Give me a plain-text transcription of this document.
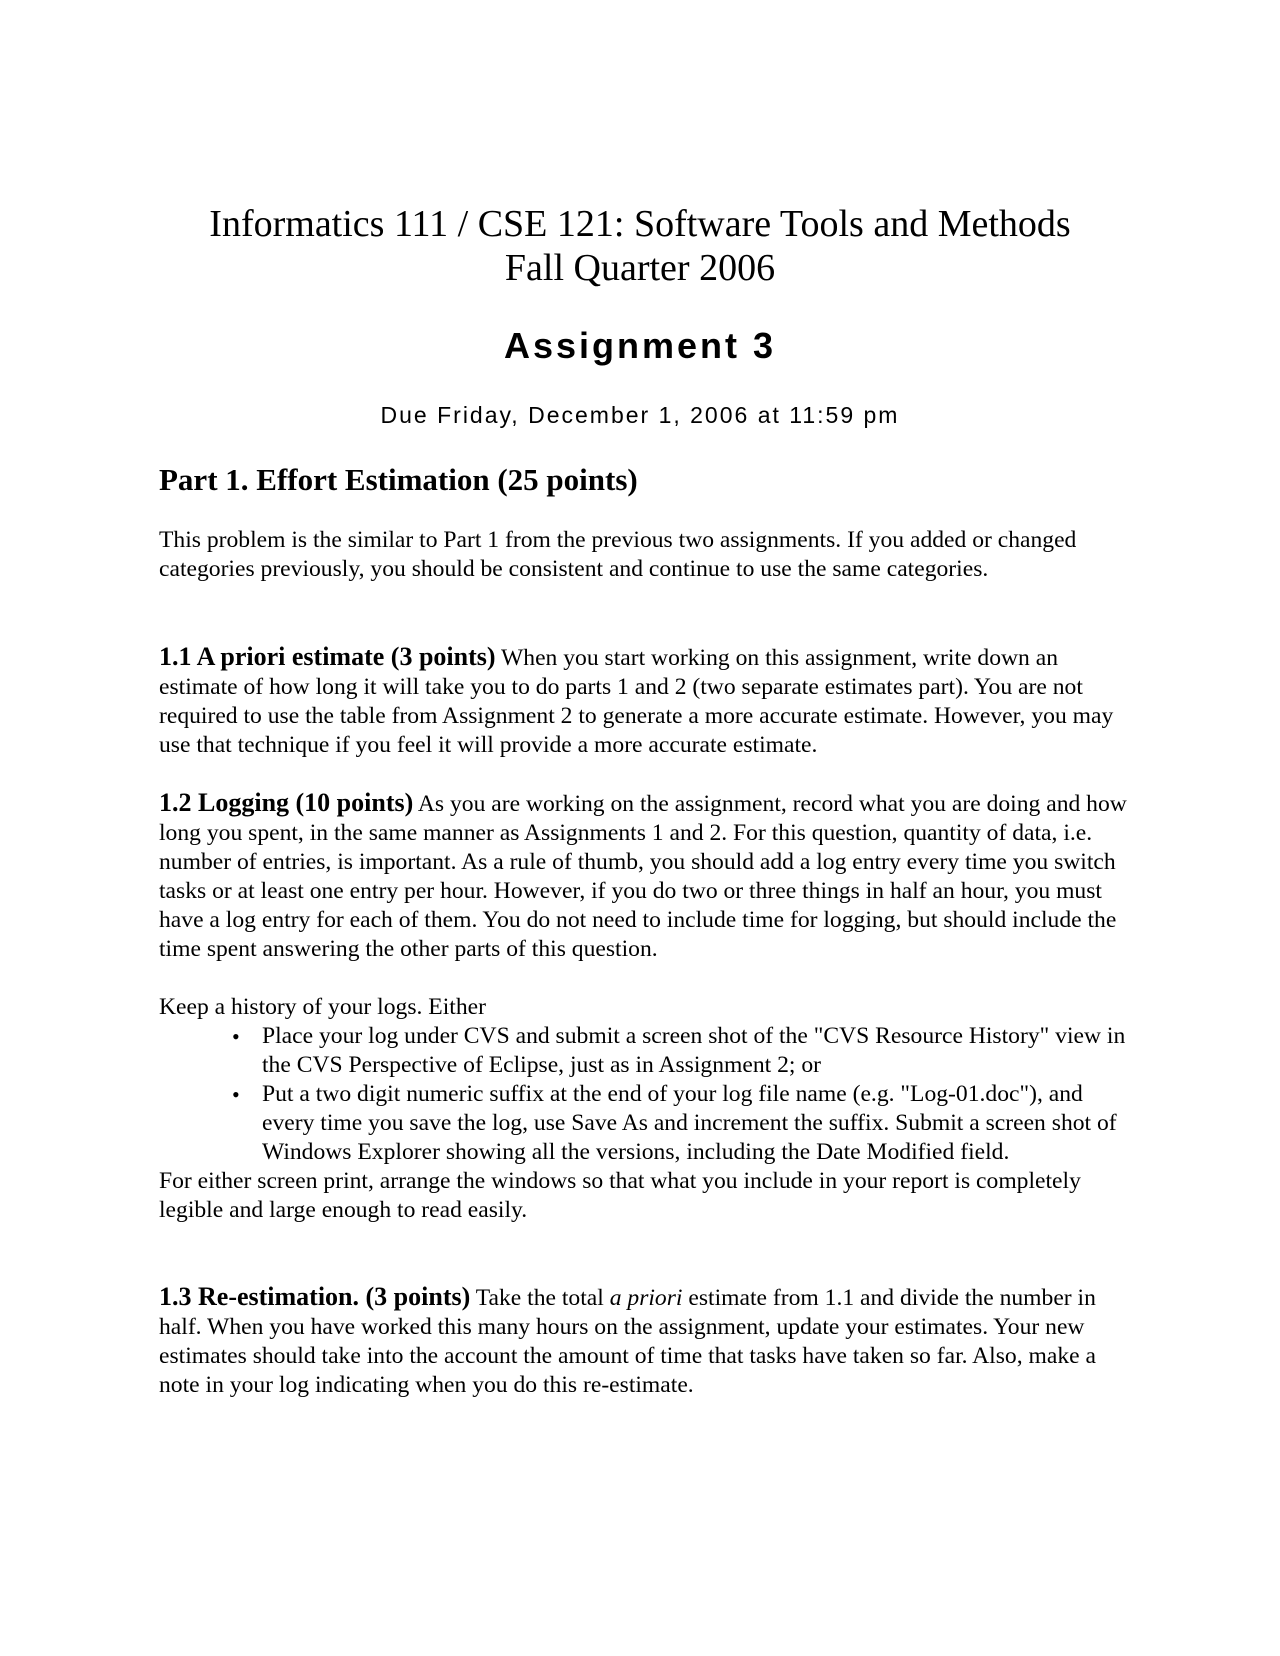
Informatics 111 / CSE 121: Software Tools and Methods
Fall Quarter 2006
Assignment 3
Due Friday, December 1, 2006 at 11:59 pm
Part 1. Effort Estimation (25 points)

This problem is the similar to Part 1 from the previous two assignments. If you added or changed categories previously, you should be consistent and continue to use the same categories.

1.1 A priori estimate (3 points) When you start working on this assignment, write down an estimate of how long it will take you to do parts 1 and 2 (two separate estimates part). You are not required to use the table from Assignment 2 to generate a more accurate estimate. However, you may use that technique if you feel it will provide a more accurate estimate.

1.2 Logging (10 points) As you are working on the assignment, record what you are doing and how long you spent, in the same manner as Assignments 1 and 2. For this question, quantity of data, i.e. number of entries, is important. As a rule of thumb, you should add a log entry every time you switch tasks or at least one entry per hour. However, if you do two or three things in half an hour, you must have a log entry for each of them. You do not need to include time for logging, but should include the time spent answering the other parts of this question.

Keep a history of your logs. Either

• Place your log under CVS and submit a screen shot of the "CVS Resource History" view in the CVS Perspective of Eclipse, just as in Assignment 2; or
• Put a two digit numeric suffix at the end of your log file name (e.g. "Log-01.doc"), and every time you save the log, use Save As and increment the suffix. Submit a screen shot of Windows Explorer showing all the versions, including the Date Modified field.

For either screen print, arrange the windows so that what you include in your report is completely legible and large enough to read easily.

1.3 Re-estimation. (3 points) Take the total a priori estimate from 1.1 and divide the number in half. When you have worked this many hours on the assignment, update your estimates. Your new estimates should take into the account the amount of time that tasks have taken so far. Also, make a note in your log indicating when you do this re-estimate.
